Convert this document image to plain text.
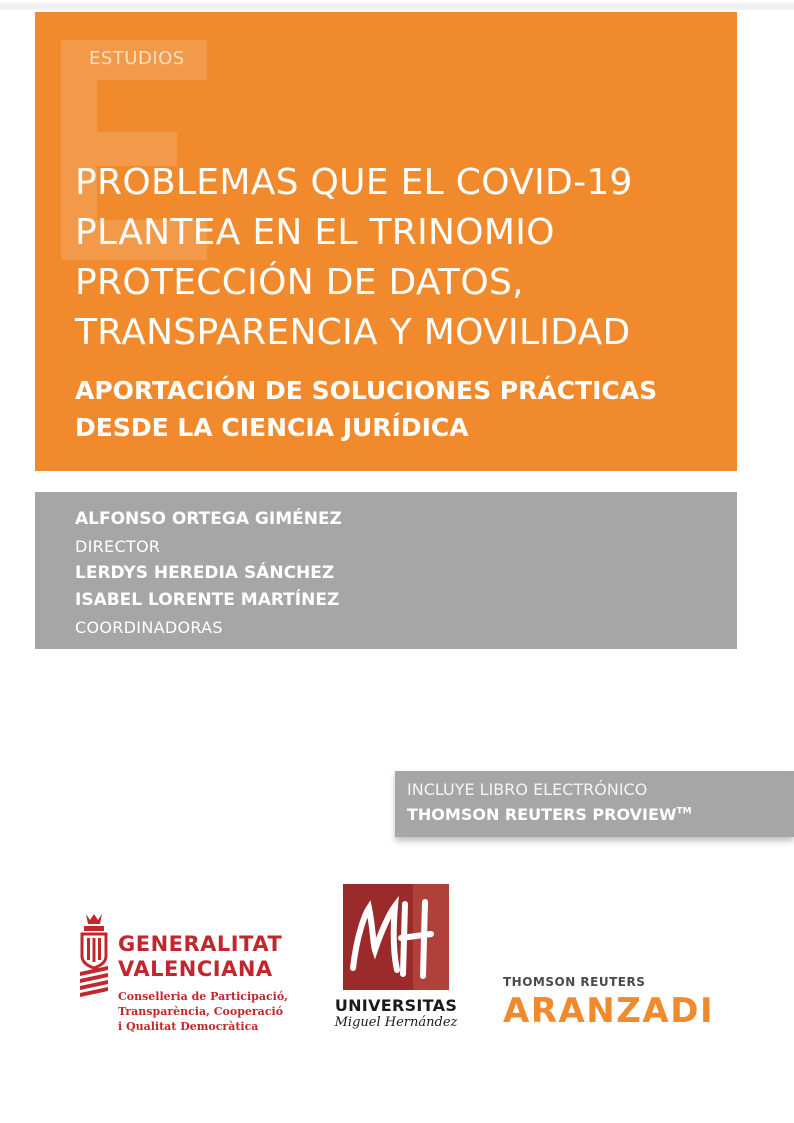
ESTUDIOS
PROBLEMAS QUE EL COVID-19
PLANTEA EN EL TRINOMIO
PROTECCIÓN DE DATOS,
TRANSPARENCIA Y MOVILIDAD
APORTACIÓN DE SOLUCIONES PRÁCTICAS
DESDE LA CIENCIA JURÍDICA
ALFONSO ORTEGA GIMÉNEZ
DIRECTOR
LERDYS HEREDIA SÁNCHEZ
ISABEL LORENTE MARTÍNEZ
COORDINADORAS
INCLUYE LIBRO ELECTRÓNICO
THOMSON REUTERS PROVIEW™
GENERALITAT
VALENCIANA
Conselleria de Participació,
Transparència, Cooperació
i Qualitat Democràtica
UNIVERSITAS
Miguel Hernández
THOMSON REUTERS
ARANZADI
